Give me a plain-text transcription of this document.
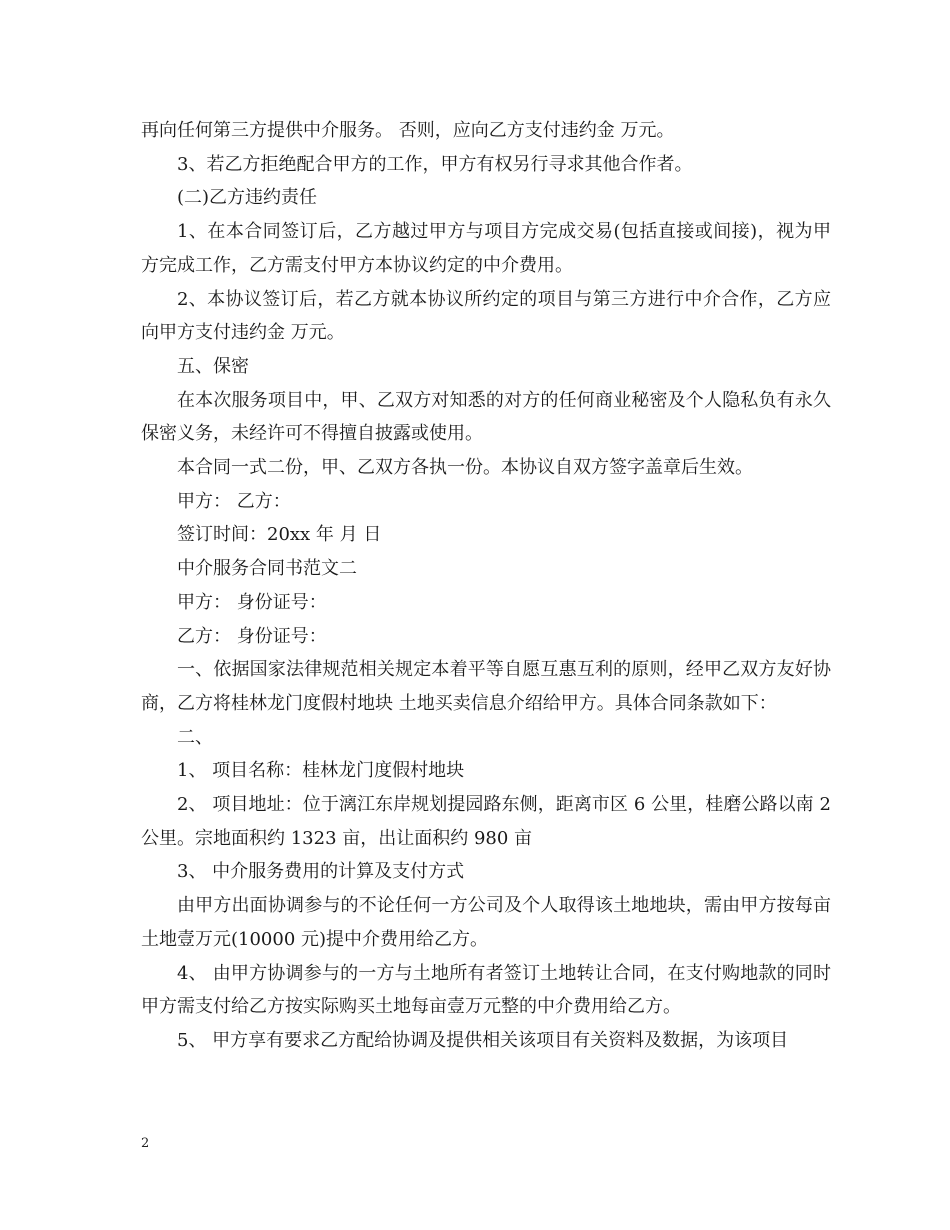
再向任何第三方提供中介服务。 否则，应向乙方支付违约金 万元。

3、若乙方拒绝配合甲方的工作，甲方有权另行寻求其他合作者。

(二)乙方违约责任

1、在本合同签订后，乙方越过甲方与项目方完成交易(包括直接或间接)，视为甲方完成工作，乙方需支付甲方本协议约定的中介费用。

2、本协议签订后，若乙方就本协议所约定的项目与第三方进行中介合作，乙方应向甲方支付违约金 万元。

五、保密

在本次服务项目中，甲、乙双方对知悉的对方的任何商业秘密及个人隐私负有永久保密义务，未经许可不得擅自披露或使用。

本合同一式二份，甲、乙双方各执一份。本协议自双方签字盖章后生效。

甲方： 乙方：

签订时间：20xx 年 月 日

中介服务合同书范文二

甲方： 身份证号：

乙方： 身份证号：

一、依据国家法律规范相关规定本着平等自愿互惠互利的原则，经甲乙双方友好协商，乙方将桂林龙门度假村地块 土地买卖信息介绍给甲方。具体合同条款如下：

二、

1、 项目名称：桂林龙门度假村地块

2、 项目地址：位于漓江东岸规划提园路东侧，距离市区 6 公里，桂磨公路以南 2 公里。宗地面积约 1323 亩，出让面积约 980 亩

3、 中介服务费用的计算及支付方式

由甲方出面协调参与的不论任何一方公司及个人取得该土地地块，需由甲方按每亩土地壹万元(10000 元)提中介费用给乙方。

4、 由甲方协调参与的一方与土地所有者签订土地转让合同，在支付购地款的同时甲方需支付给乙方按实际购买土地每亩壹万元整的中介费用给乙方。

5、 甲方享有要求乙方配给协调及提供相关该项目有关资料及数据，为该项目

2
